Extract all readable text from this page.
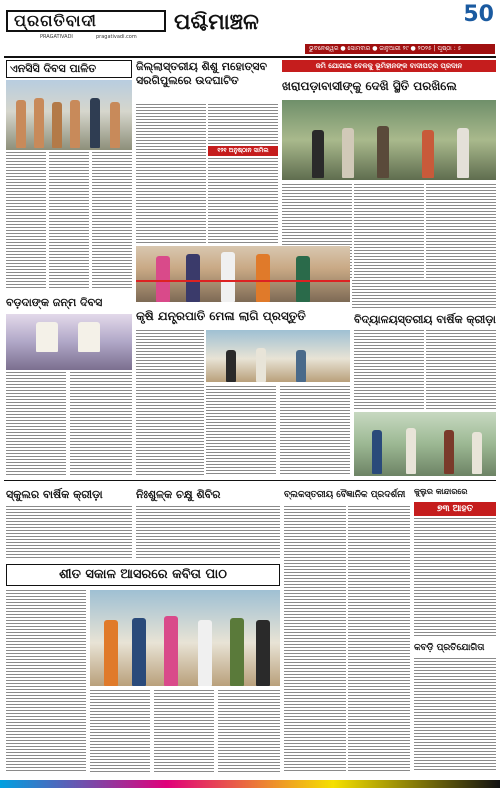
ପ୍ରଗତିବାଦୀ
PRAGATIVADI	pragativadi.com
ପଶ୍ଚିମାଞ୍ଚଳ	50
ଭୁବନେଶ୍ୱର ● ସୋମବାର ● ଜାନୁଆରୀ ୨୯ ● ୨୦୨୫ | ପୃଷ୍ଠା : ୫
ଏନସିସି ଦିବସ ପାଳିତ	ଜିଲ୍ଲାସ୍ତରୀୟ ଶିଶୁ ମହୋତ୍ସବ ସରଗିପୁଲରେ ଉଦଘାଟିତ
୧୨୧ ଅନୁଷ୍ଠାନ ସାମିଲ
ଜମି ଯୋଗାଇ ବେଳକୁ ଭୂମିହୀନଙ୍କ ବାଦୀପତ୍ର ପ୍ରଦାନ
ଖରାପଡ଼ାବାସୀଙ୍କୁ ଦେଖି ସ୍ଥିତି ପରଖିଲେ
ବଡ଼ଦାଙ୍କ ଜନ୍ମ ଦିବସ
କୃଷି ଯନ୍ତ୍ରପାତି ମେଳା ଲାଗି ପ୍ରସ୍ତୁତି	ବିଦ୍ୟାଳୟସ୍ତରୀୟ ବାର୍ଷିକ କ୍ରୀଡ଼ା
ସ୍କୁଲର ବାର୍ଷିକ କ୍ରୀଡ଼ା	ନିଃଶୁଳ୍କ ଚକ୍ଷୁ ଶିବିର	ବ୍ଲକସ୍ତରୀୟ ବୈଜ୍ଞାନିକ ପ୍ରଦର୍ଶନୀ	କୁଲୁର କାନ୍ଦାରରେ
୭୩ ଆହତ
କବଡ଼ି ପ୍ରତିଯୋଗିତା
ଶୀତ ସକାଳ ଆସରରେ କବିତା ପାଠ
